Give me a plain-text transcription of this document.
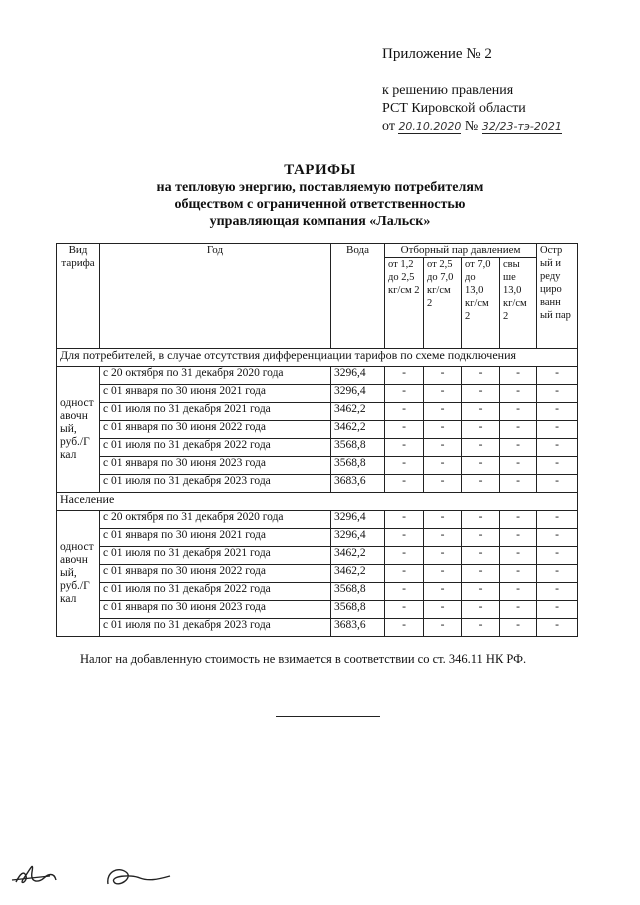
Приложение № 2
к решению правления
РСТ Кировской области
от 20.10.2020 № 32/23-тэ-2021
ТАРИФЫ
на тепловую энергию, поставляемую потребителям
обществом с ограниченной ответственностью
управляющая компания «Лальск»
Вид тарифа	Год	Вода	Отборный пар давлением				Остр ый и реду циро ванн ый пар
			от 1,2 до 2,5 кг/см 2	от 2,5 до 7,0 кг/см 2	от 7,0 до 13,0 кг/см 2	свы ше 13,0 кг/см 2	
Для потребителей, в случае отсутствия дифференциации тарифов по схеме подключения							
одност авочн ый, руб./Г кал	с 20 октября по 31 декабря 2020 года	3296,4	-	-	-	-	-
	с 01 января по 30 июня 2021 года	3296,4	-	-	-	-	-
	с 01 июля по 31 декабря 2021 года	3462,2	-	-	-	-	-
	с 01 января по 30 июня 2022 года	3462,2	-	-	-	-	-
	с 01 июля по 31 декабря 2022 года	3568,8	-	-	-	-	-
	с 01 января по 30 июня 2023 года	3568,8	-	-	-	-	-
	с 01 июля по 31 декабря 2023 года	3683,6	-	-	-	-	-
Население							
одност авочн ый, руб./Г кал	с 20 октября по 31 декабря 2020 года	3296,4	-	-	-	-	-
	с 01 января по 30 июня 2021 года	3296,4	-	-	-	-	-
	с 01 июля по 31 декабря 2021 года	3462,2	-	-	-	-	-
	с 01 января по 30 июня 2022 года	3462,2	-	-	-	-	-
	с 01 июля по 31 декабря 2022 года	3568,8	-	-	-	-	-
	с 01 января по 30 июня 2023 года	3568,8	-	-	-	-	-
	с 01 июля по 31 декабря 2023 года	3683,6	-	-	-	-	-
Налог на добавленную стоимость не взимается в соответствии со ст. 346.11 НК РФ.
